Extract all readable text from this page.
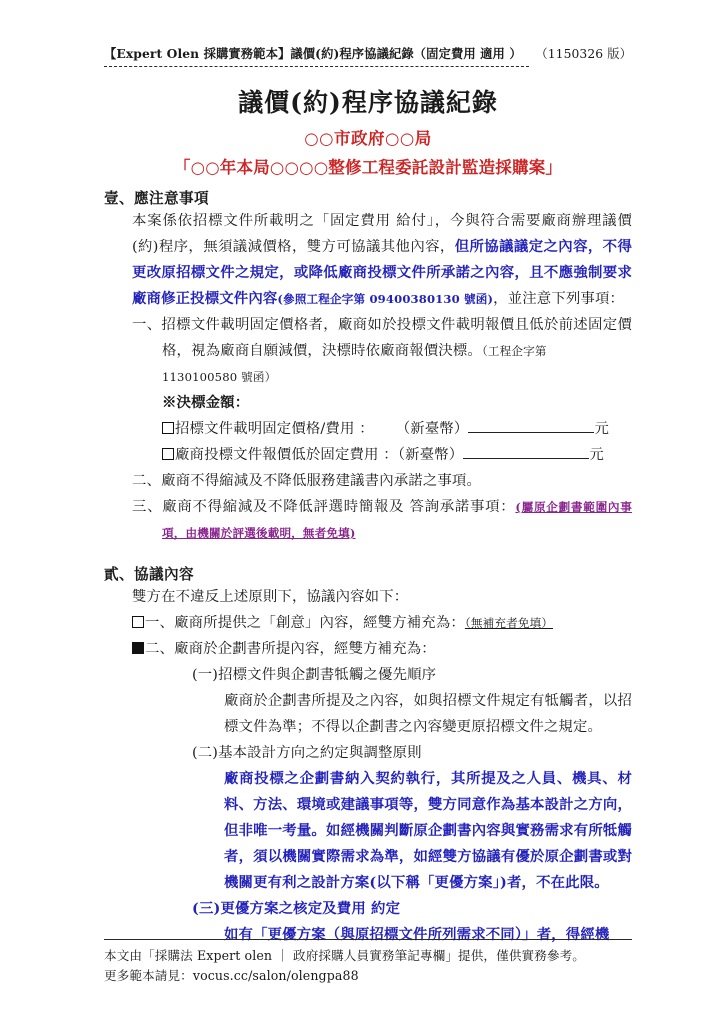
【Expert Olen 採購實務範本】議價(約)程序協議紀錄（固定費用 適用 ） （1150326 版）
議價(約)程序協議紀錄
○○市政府○○局
「○○年本局○○○○整修工程委託設計監造採購案」
壹、應注意事項
本案係依招標文件所載明之「固定費用 給付」，今與符合需要廠商辦理議價(約)程序，無須議減價格，雙方可協議其他內容，但所協議議定之內容，不得更改原招標文件之規定，或降低廠商投標文件所承諾之內容，且不應強制要求廠商修正投標文件內容(參照工程企字第 09400380130 號函)，並注意下列事項：
一、招標文件載明固定價格者，廠商如於投標文件載明報價且低於前述固定價格，視為廠商自願減價，決標時依廠商報價決標。（工程企字第
1130100580 號函）
※決標金額：
招標文件載明固定價格/費用 ： （新臺幣）	元
廠商投標文件報價低於固定費用 ：（新臺幣）	元
二、廠商不得縮減及不降低服務建議書內承諾之事項。
三、廠商不得縮減及不降低評選時簡報及 答詢承諾事項：(屬原企劃書範圍內事項，由機關於評選後載明，無者免填)
貳、協議內容
雙方在不違反上述原則下，協議內容如下：
一、廠商所提供之「創意」內容，經雙方補充為：（無補充者免填）
二、廠商於企劃書所提內容，經雙方補充為：
(一)招標文件與企劃書牴觸之優先順序
廠商於企劃書所提及之內容，如與招標文件規定有牴觸者，以招標文件為準；不得以企劃書之內容變更原招標文件之規定。
(二)基本設計方向之約定與調整原則
廠商投標之企劃書納入契約執行，其所提及之人員、機具、材料、方法、環境或建議事項等，雙方同意作為基本設計之方向，但非唯一考量。如經機關判斷原企劃書內容與實務需求有所牴觸者，須以機關實際需求為準，如經雙方協議有優於原企劃書或對機關更有利之設計方案(以下稱「更優方案」)者，不在此限。
(三)更優方案之核定及費用 約定
如有「更優方案（與原招標文件所列需求不同）」者，得經機
本文由「採購法 Expert olen ｜ 政府採購人員實務筆記專欄」提供，僅供實務參考。
更多範本請見：vocus.cc/salon/olengpa88
